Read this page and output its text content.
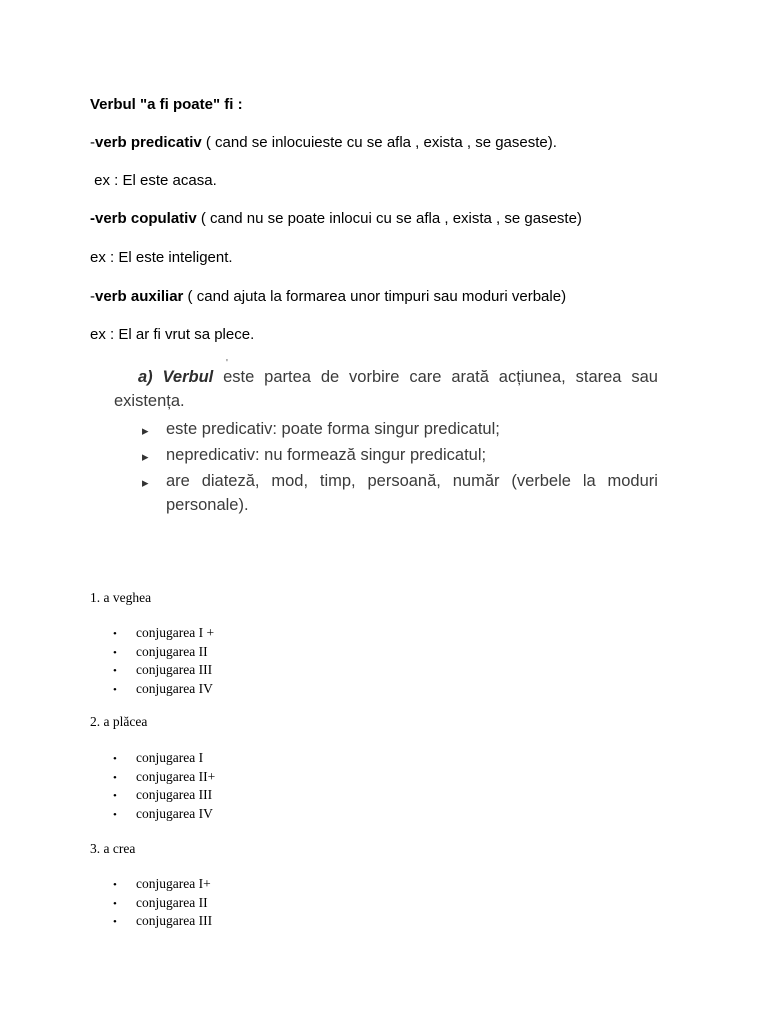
Verbul "a fi poate" fi :
-verb predicativ ( cand se inlocuieste cu se afla , exista , se gaseste).
ex : El este acasa.
-verb copulativ ( cand nu se poate inlocui cu se afla , exista , se gaseste)
ex : El este inteligent.
-verb auxiliar ( cand ajuta la formarea unor timpuri sau moduri verbale)
ex : El ar fi vrut sa plece.
'
a) Verbul este partea de vorbire care arată acțiunea, starea sau
existența.
▸ este predicativ: poate forma singur predicatul;
▸ nepredicativ: nu formează singur predicatul;
▸ are diateză, mod, timp, persoană, număr (verbele la moduri
personale).
1. a veghea
• conjugarea I +
• conjugarea II
• conjugarea III
• conjugarea IV
2. a plăcea
• conjugarea I
• conjugarea II+
• conjugarea III
• conjugarea IV
3. a crea
• conjugarea I+
• conjugarea II
• conjugarea III
